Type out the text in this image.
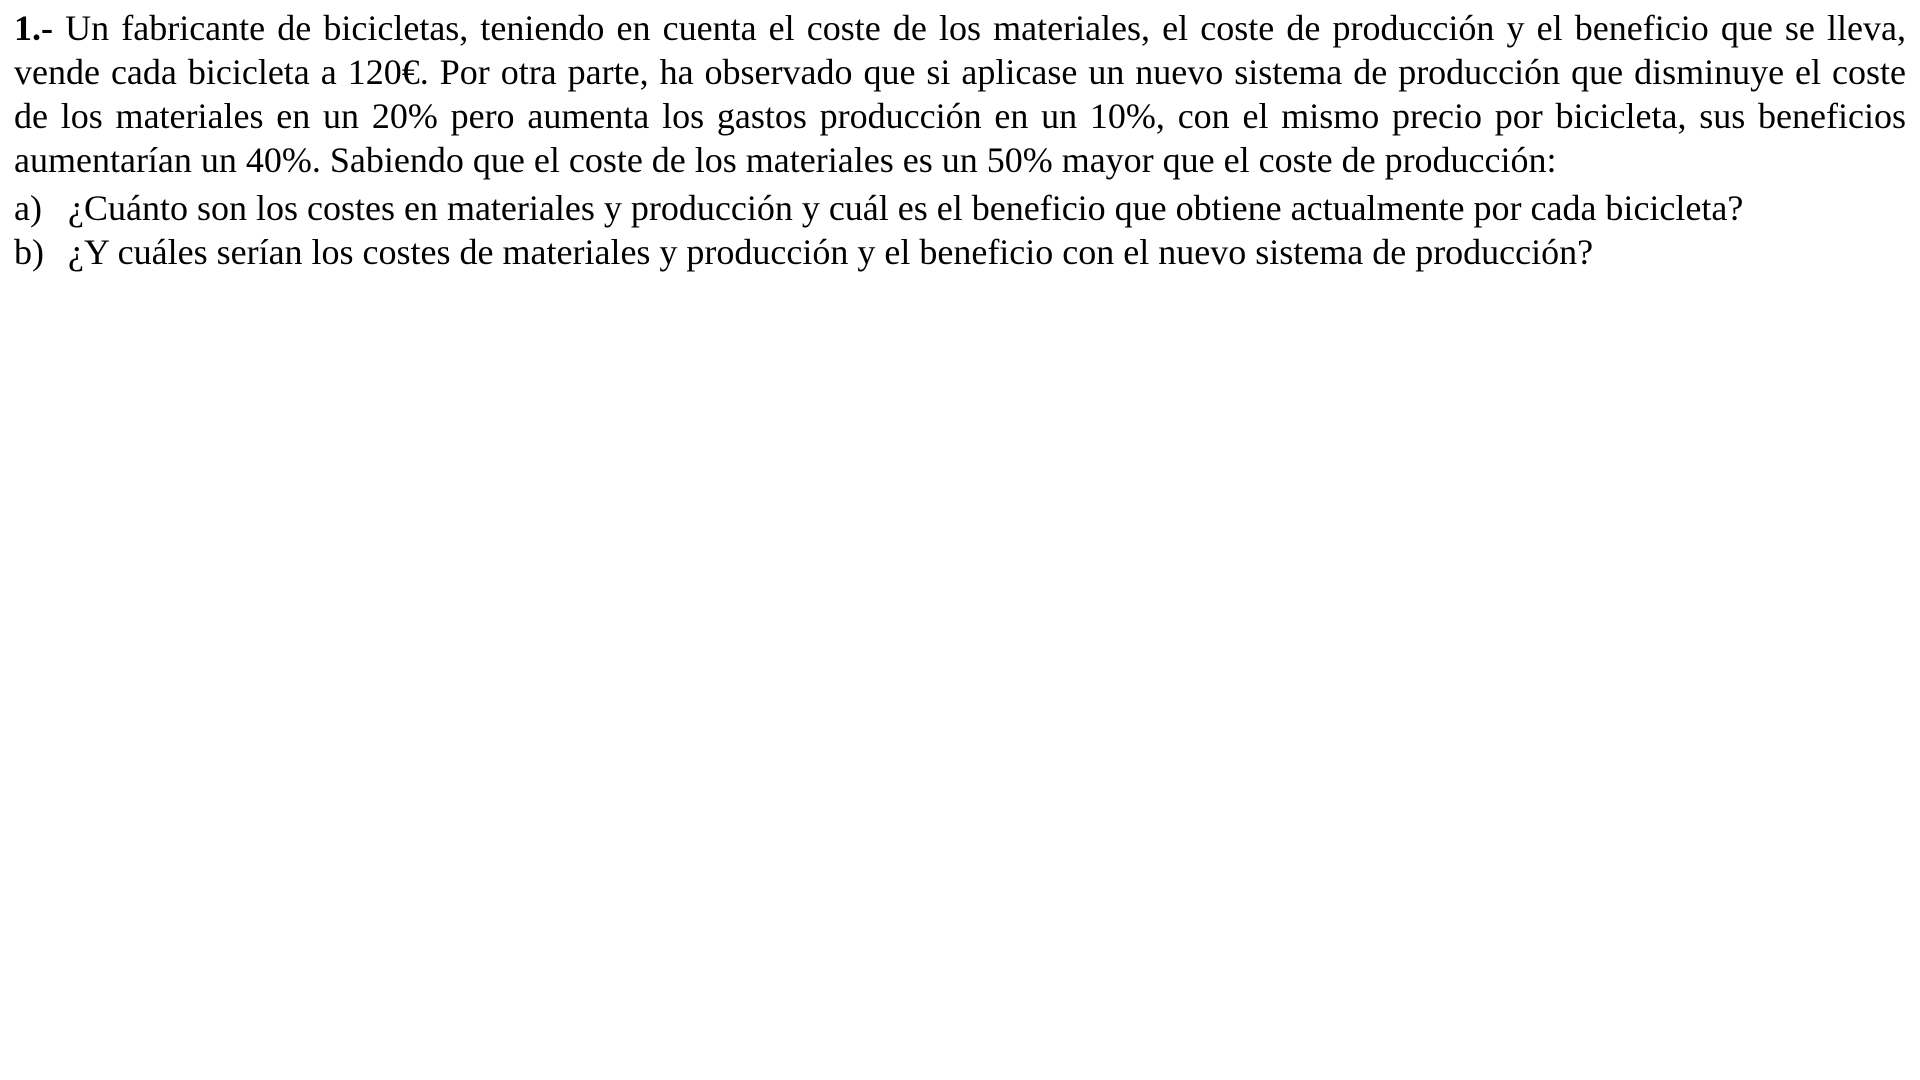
1.- Un fabricante de bicicletas, teniendo en cuenta el coste de los materiales, el coste de producción y el beneficio que se lleva, vende cada bicicleta a 120€. Por otra parte, ha observado que si aplicase un nuevo sistema de producción que disminuye el coste de los materiales en un 20% pero aumenta los gastos producción en un 10%, con el mismo precio por bicicleta, sus beneficios aumentarían un 40%. Sabiendo que el coste de los materiales es un 50% mayor que el coste de producción:

a) ¿Cuánto son los costes en materiales y producción y cuál es el beneficio que obtiene actualmente por cada bicicleta?
b) ¿Y cuáles serían los costes de materiales y producción y el beneficio con el nuevo sistema de producción?
